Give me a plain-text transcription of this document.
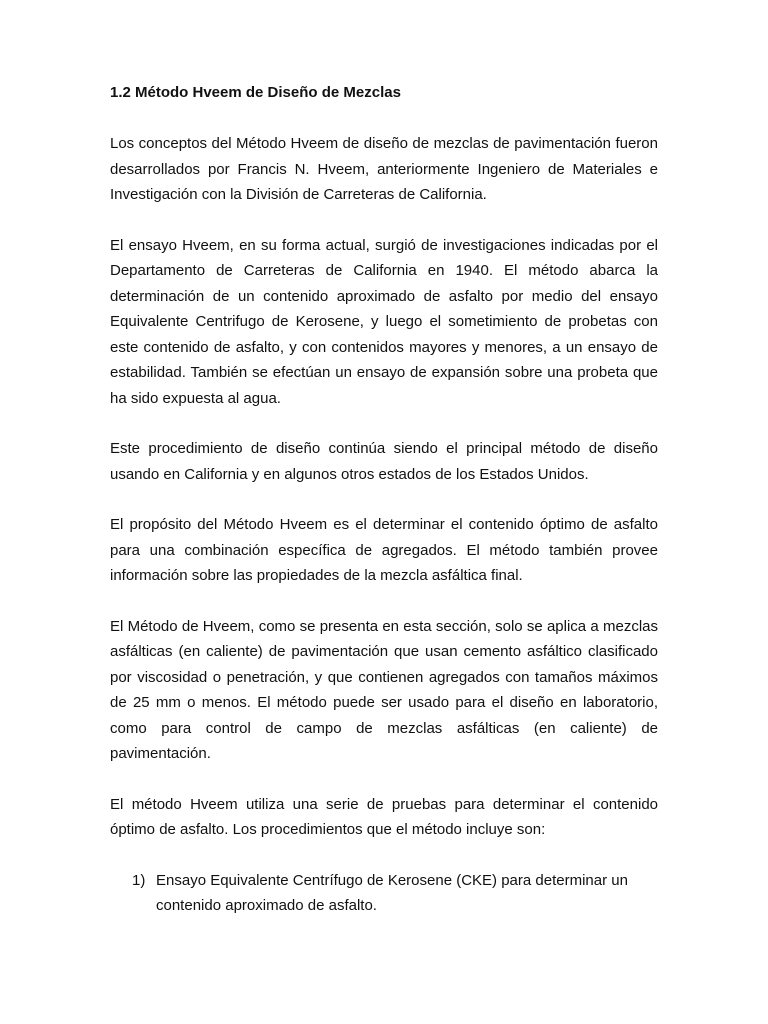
1.2 Método Hveem de Diseño de Mezclas

Los conceptos del Método Hveem de diseño de mezclas de pavimentación fueron desarrollados por Francis N. Hveem, anteriormente Ingeniero de Materiales e Investigación con la División de Carreteras de California.

El ensayo Hveem, en su forma actual, surgió de investigaciones indicadas por el Departamento de Carreteras de California en 1940. El método abarca la determinación de un contenido aproximado de asfalto por medio del ensayo Equivalente Centrifugo de Kerosene, y luego el sometimiento de probetas con este contenido de asfalto, y con contenidos mayores y menores, a un ensayo de estabilidad. También se efectúan un ensayo de expansión sobre una probeta que ha sido expuesta al agua.

Este procedimiento de diseño continúa siendo el principal método de diseño usando en California y en algunos otros estados de los Estados Unidos.

El propósito del Método Hveem es el determinar el contenido óptimo de asfalto para una combinación específica de agregados. El método también provee información sobre las propiedades de la mezcla asfáltica final.

El Método de Hveem, como se presenta en esta sección, solo se aplica a mezclas asfálticas (en caliente) de pavimentación que usan cemento asfáltico clasificado por viscosidad o penetración, y que contienen agregados con tamaños máximos de 25 mm o menos. El método puede ser usado para el diseño en laboratorio, como para control de campo de mezclas asfálticas (en caliente) de pavimentación.

El método Hveem utiliza una serie de pruebas para determinar el contenido óptimo de asfalto. Los procedimientos que el método incluye son:

1) Ensayo Equivalente Centrífugo de Kerosene (CKE) para determinar un contenido aproximado de asfalto.
